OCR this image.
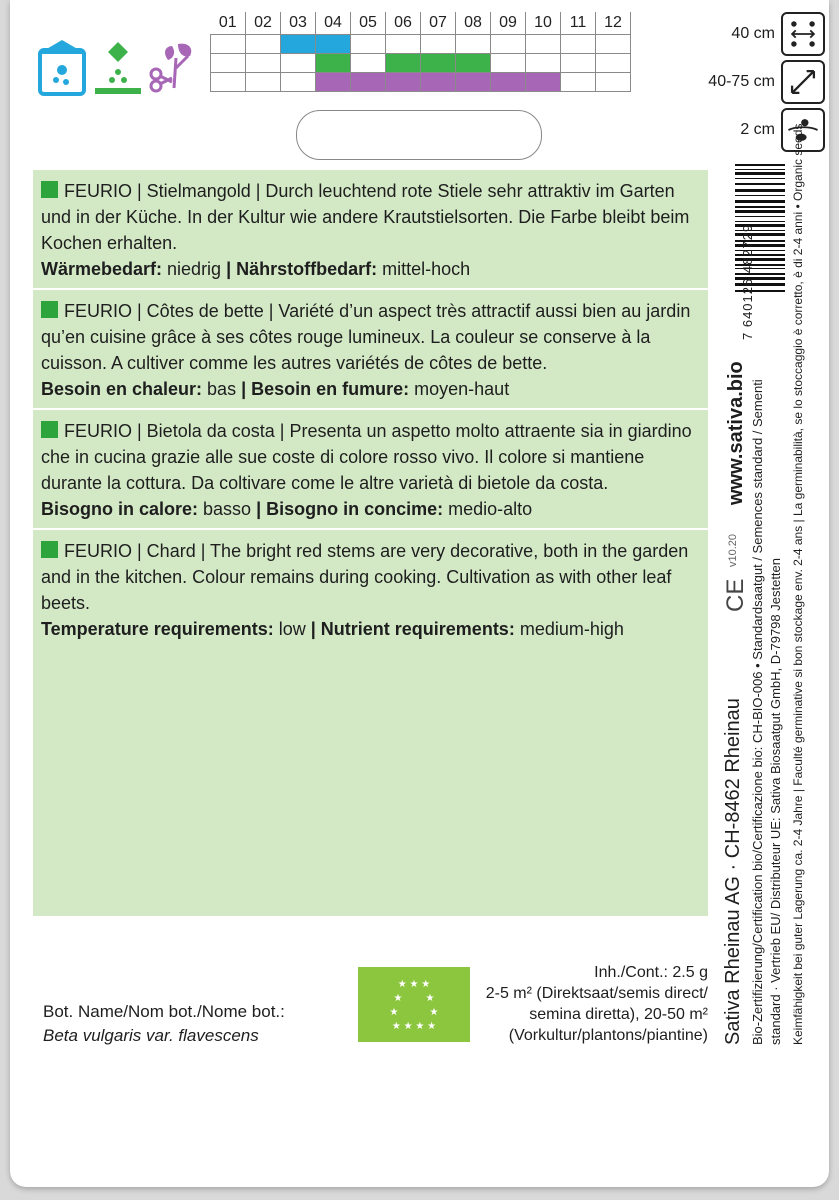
01	02	03	04	05	06	07	08	09	10	11	12

40 cm
40-75 cm
2 cm
FEURIO | Stielmangold | Durch leuchtend rote Stiele sehr attraktiv im Garten und in der Küche. In der Kultur wie andere Krautstielsorten. Die Farbe bleibt beim Kochen erhalten.
Wärmebedarf: niedrig | Nährstoffbedarf: mittel-hoch
FEURIO | Côtes de bette | Variété d’un aspect très attractif aussi bien au jardin qu’en cuisine grâce à ses côtes rouge lumineux. La couleur se conserve à la cuisson. A cultiver comme les autres variétés de côtes de bette.
Besoin en chaleur: bas | Besoin en fumure: moyen-haut
FEURIO | Bietola da costa | Presenta un aspetto molto attraente sia in giardino che in cucina grazie alle sue coste di colore rosso vivo. Il colore si mantiene durante la cottura. Da coltivare come le altre varietà di bietole da costa.
Bisogno in calore: basso | Bisogno in concime: medio-alto
FEURIO | Chard | The bright red stems are very decorative, both in the garden and in the kitchen. Colour remains during cooking. Cultivation as with other leaf beets.
Temperature requirements: low | Nutrient requirements: medium-high
Bot. Name/Nom bot./Nome bot.:
Beta vulgaris var. flavescens
★ ★ ★
★ ★
★	★
★ ★ ★ ★
Inh./Cont.: 2.5 g
2-5 m² (Direktsaat/semis direct/
semina diretta), 20-50 m²
(Vorkultur/plantons/piantine) Sativa Rheinau AG · CH-8462 Rheinau Bio-Zertifizierung/Certification bio/Certificazione bio: CH-BIO-006 • Standardsaatgut / Semences standard / Sementi standard · Vertrieb EU/ Distributeur UE: Sativa Biosaatgut GmbH, D-79798 Jestetten Keimfähigkeit bei guter Lagerung ca. 2-4 Jahre | Faculté germinative si bon stockage env. 2-4 ans | La germinabilità, se lo stoccaggio è corretto, è di 2-4 anni • Organic seeds
www.sativa.bio
v10.20
CE
7 640126 482729
